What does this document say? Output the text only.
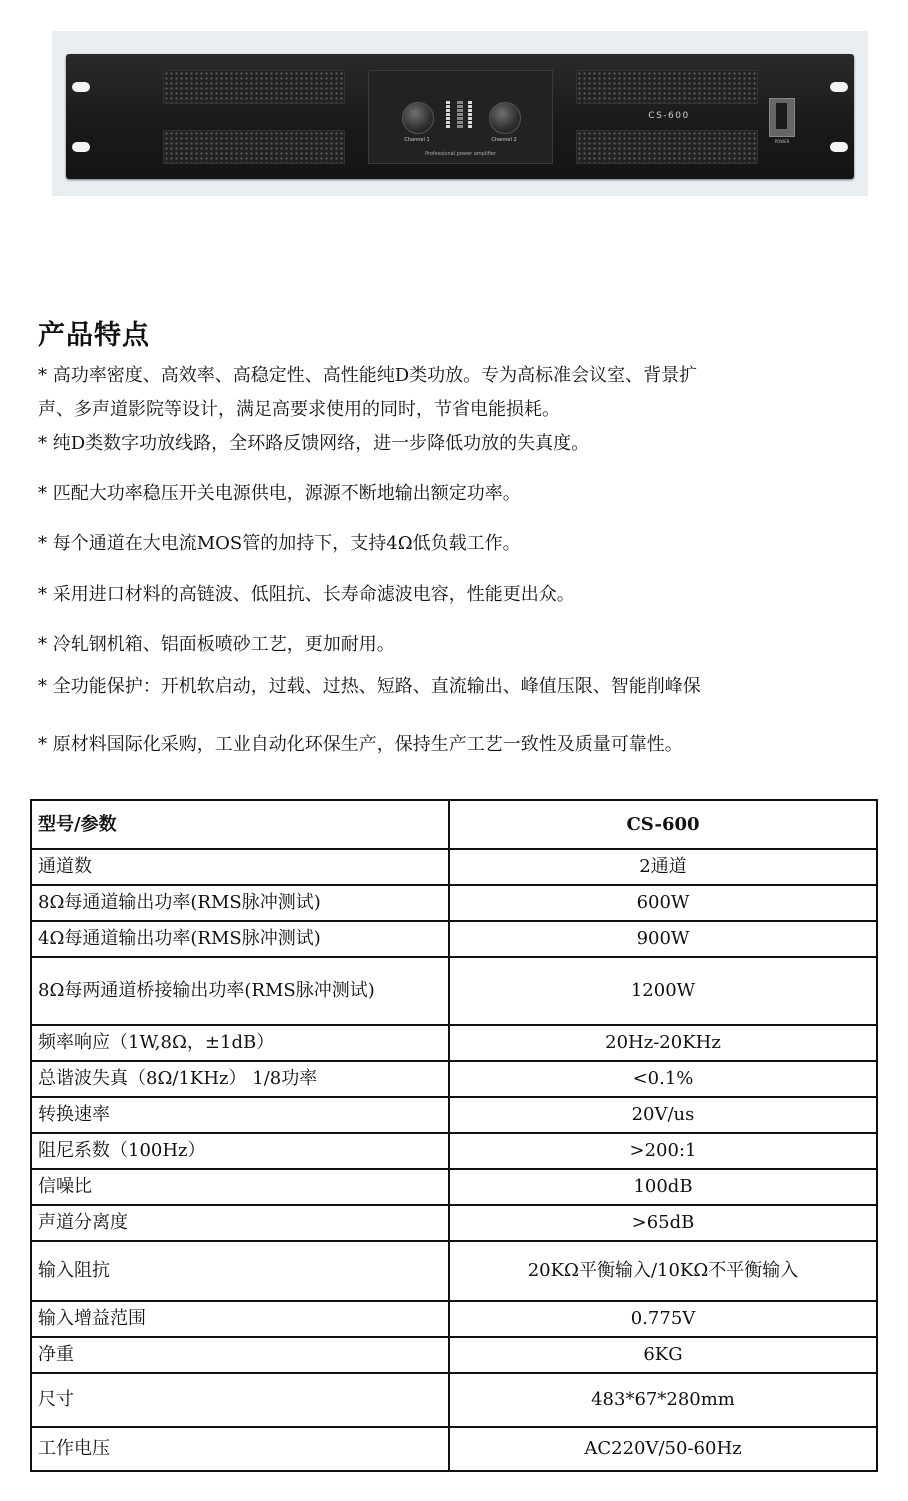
Channel 1	Channel 2
Professional power amplifier
CS-600
POWER
产品特点

* 高功率密度、高效率、高稳定性、高性能纯D类功放。专为高标准会议室、背景扩

声、多声道影院等设计，满足高要求使用的同时，节省电能损耗。

* 纯D类数字功放线路，全环路反馈网络，进一步降低功放的失真度。

* 匹配大功率稳压开关电源供电，源源不断地输出额定功率。

* 每个通道在大电流MOS管的加持下，支持4Ω低负载工作。

* 采用进口材料的高链波、低阻抗、长寿命滤波电容，性能更出众。

* 冷轧钢机箱、铝面板喷砂工艺，更加耐用。

* 全功能保护：开机软启动，过载、过热、短路、直流输出、峰值压限、智能削峰保

* 原材料国际化采购，工业自动化环保生产，保持生产工艺一致性及质量可靠性。

型号/参数	CS-600
通道数	2通道
8Ω每通道输出功率(RMS脉冲测试)	600W
4Ω每通道输出功率(RMS脉冲测试)	900W
8Ω每两通道桥接输出功率(RMS脉冲测试)	1200W
频率响应（1W,8Ω，±1dB）	20Hz-20KHz
总谐波失真（8Ω/1KHz） 1/8功率	<0.1%
转换速率	20V/us
阻尼系数（100Hz）	>200:1
信噪比	100dB
声道分离度	>65dB
输入阻抗	20KΩ平衡输入/10KΩ不平衡输入
输入增益范围	0.775V
净重	6KG
尺寸	483*67*280mm
工作电压	AC220V/50-60Hz
